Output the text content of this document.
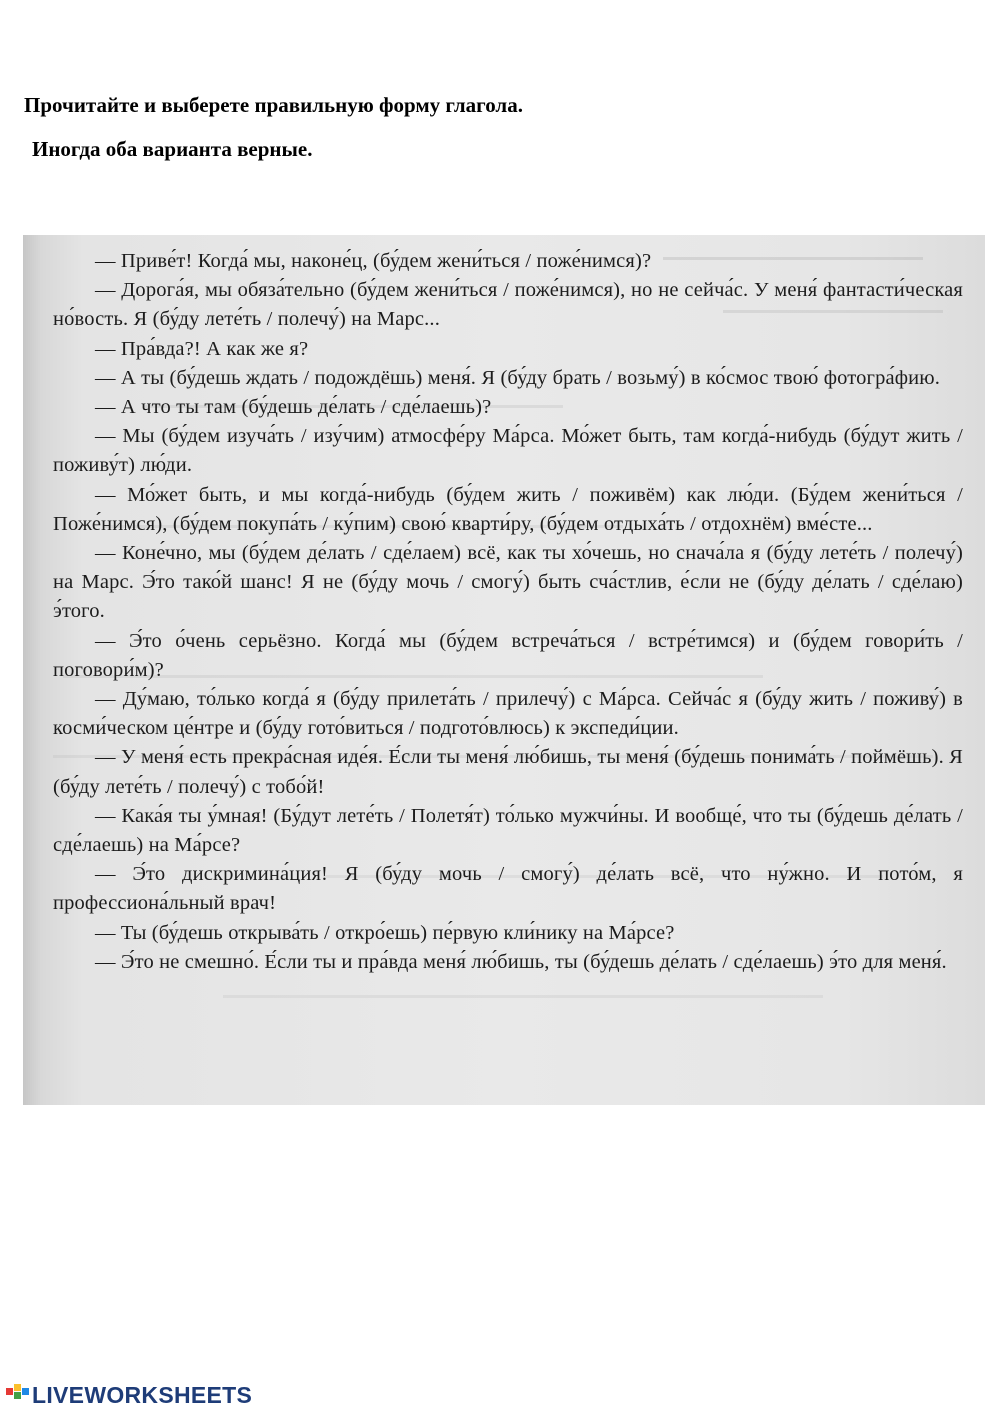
Прочитайте и выберете правильную форму глагола.

Иногда оба варианта верные.

— Приве́т! Когда́ мы, наконе́ц, (бу́дем жени́ться / поже́нимся)?

— Дорога́я, мы обяза́тельно (бу́дем жени́ться / поже́нимся), но не сейча́с. У меня́ фантасти́ческая но́вость. Я (бу́ду лете́ть / полечу́) на Марс...

— Пра́вда?! А как же я?

— А ты (бу́дешь ждать / подождёшь) меня́. Я (бу́ду брать / возьму́) в ко́смос твою́ фотогра́фию.

— А что ты там (бу́дешь де́лать / сде́лаешь)?

— Мы (бу́дем изуча́ть / изу́чим) атмосфе́ру Ма́рса. Мо́жет быть, там когда́-нибудь (бу́дут жить / поживу́т) лю́ди.

— Мо́жет быть, и мы когда́-нибудь (бу́дем жить / поживём) как лю́ди. (Бу́дем жени́ться / Поже́нимся), (бу́дем покупа́ть / ку́пим) свою́ кварти́ру, (бу́дем отдыха́ть / отдохнём) вме́сте...

— Коне́чно, мы (бу́дем де́лать / сде́лаем) всё, как ты хо́чешь, но снача́ла я (бу́ду лете́ть / полечу́) на Марс. Э́то тако́й шанс! Я не (бу́ду мочь / смогу́) быть сча́стлив, е́сли не (бу́ду де́лать / сде́лаю) э́того.

— Э́то о́чень серьёзно. Когда́ мы (бу́дем встреча́ться / встре́тимся) и (бу́дем говори́ть / поговори́м)?

— Ду́маю, то́лько когда́ я (бу́ду прилета́ть / прилечу́) с Ма́рса. Сейча́с я (бу́ду жить / поживу́) в косми́ческом це́нтре и (бу́ду гото́виться / подгото́влюсь) к экспеди́ции.

— У меня́ есть прекра́сная иде́я. Е́сли ты меня́ лю́бишь, ты меня́ (бу́дешь понима́ть / поймёшь). Я (бу́ду лете́ть / полечу́) с тобо́й!

— Кака́я ты у́мная! (Бу́дут лете́ть / Полетя́т) то́лько мужчи́ны. И вообще́, что ты (бу́дешь де́лать / сде́лаешь) на Ма́рсе?

— Э́то дискримина́ция! Я (бу́ду мочь / смогу́) де́лать всё, что ну́жно. И пото́м, я профессиона́льный врач!

— Ты (бу́дешь открыва́ть / откро́ешь) пе́рвую кли́нику на Ма́рсе?

— Э́то не смешно́. Е́сли ты и пра́вда меня́ лю́бишь, ты (бу́дешь де́лать / сде́лаешь) э́то для меня́.

LIVEWORKSHEETS
